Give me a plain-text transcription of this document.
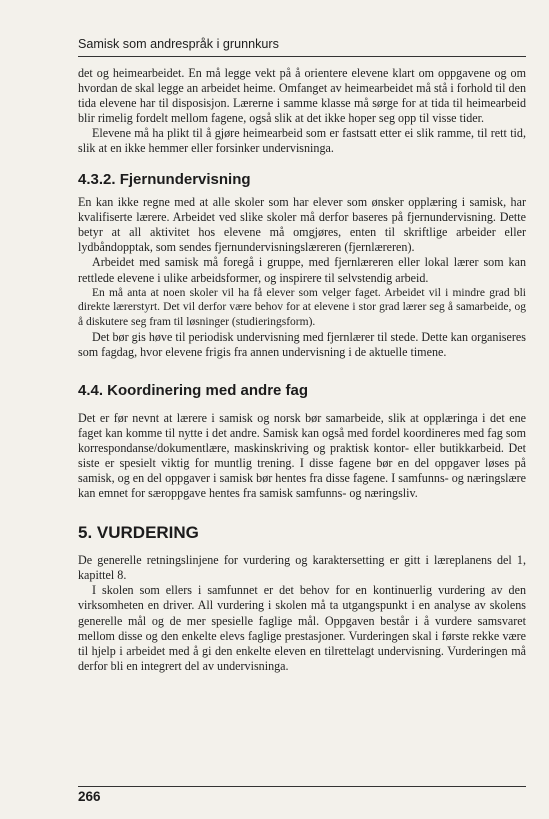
Samisk som andrespråk i grunnkurs

det og heimearbeidet. En må legge vekt på å orientere elevene klart om oppgavene og om hvordan de skal legge an arbeidet heime. Omfanget av heimearbeidet må stå i forhold til den tida elevene har til disposisjon. Lærerne i samme klasse må sørge for at tida til heimearbeid blir rimelig fordelt mellom fagene, også slik at det ikke hoper seg opp til visse tider.

Elevene må ha plikt til å gjøre heimearbeid som er fastsatt etter ei slik ramme, til rett tid, slik at en ikke hemmer eller forsinker undervisninga.

4.3.2. Fjernundervisning

En kan ikke regne med at alle skoler som har elever som ønsker opplæring i samisk, har kvalifiserte lærere. Arbeidet ved slike skoler må derfor baseres på fjernundervisning. Dette betyr at all aktivitet hos elevene må omgjøres, enten til skriftlige arbeider eller lydbåndopptak, som sendes fjernundervisningslæreren (fjernlæreren).

Arbeidet med samisk må foregå i gruppe, med fjernlæreren eller lokal lærer som kan rettlede elevene i ulike arbeidsformer, og inspirere til selvstendig arbeid.

En må anta at noen skoler vil ha få elever som velger faget. Arbeidet vil i mindre grad bli direkte lærerstyrt. Det vil derfor være behov for at elevene i stor grad lærer seg å samarbeide, og å diskutere seg fram til løsninger (studieringsform).

Det bør gis høve til periodisk undervisning med fjernlærer til stede. Dette kan organiseres som fagdag, hvor elevene frigis fra annen undervisning i de aktuelle timene.

4.4. Koordinering med andre fag

Det er før nevnt at lærere i samisk og norsk bør samarbeide, slik at opplæringa i det ene faget kan komme til nytte i det andre. Samisk kan også med fordel koordineres med fag som korrespondanse/dokumentlære, maskinskriving og praktisk kontor- eller butikkarbeid. Det siste er spesielt viktig for muntlig trening. I disse fagene bør en del oppgaver løses på samisk, og en del oppgaver i samisk bør hentes fra disse fagene. I samfunns- og næringslære kan emnet for særoppgave hentes fra samisk samfunns- og næringsliv.

5. VURDERING

De generelle retningslinjene for vurdering og karaktersetting er gitt i læreplanens del 1, kapittel 8.

I skolen som ellers i samfunnet er det behov for en kontinuerlig vurdering av den virksomheten en driver. All vurdering i skolen må ta utgangspunkt i en analyse av skolens generelle mål og de mer spesielle faglige mål. Oppgaven består i å vurdere samsvaret mellom disse og den enkelte elevs faglige prestasjoner. Vurderingen skal i første rekke være til hjelp i arbeidet med å gi den enkelte eleven en tilrettelagt undervisning. Vurderingen må derfor bli en integrert del av undervisninga.

266
